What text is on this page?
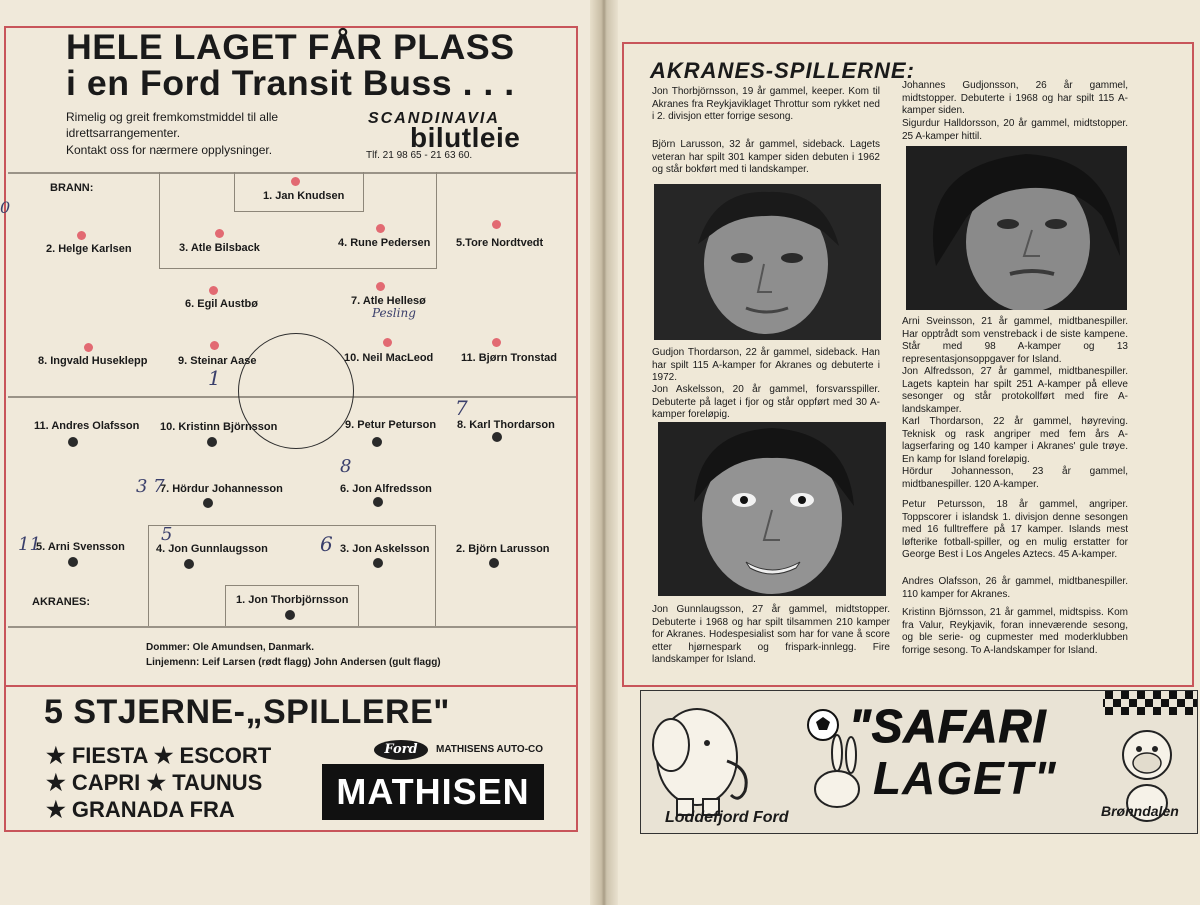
HELE LAGET FÅR PLASS
i en Ford Transit Buss . . .
Rimelig og greit fremkomstmiddel til alle
idrettsarrangementer.
Kontakt oss for nærmere opplysninger.
SCANDINAVIA
bilutleie
Tlf. 21 98 65 - 21 63 60.
BRANN:
AKRANES:
1. Jan Knudsen
2. Helge Karlsen	3. Atle Bilsback	4. Rune Pedersen 5.Tore Nordtvedt
6. Egil Austbø	7. Atle Hellesø
8. Ingvald Huseklepp	9. Steinar Aase	10. Neil MacLeod	11. Bjørn Tronstad
11. Andres Olafsson 10. Kristinn Björnsson	9. Petur Peturson 8. Karl Thordarson
7. Hördur Johannesson	6. Jon Alfredsson
5. Arni Svensson	4. Jon Gunnlaugsson	3. Jon Askelsson 2. Björn Larusson
1. Jon Thorbjörnsson
0
Pesling
1
7
8
3 7
11	5	6
Dommer: Ole Amundsen, Danmark.
Linjemenn: Leif Larsen (rødt flagg) John Andersen (gult flagg)
5 STJERNE-„SPILLERE"
★ FIESTA ★ ESCORT
★ CAPRI ★ TAUNUS
★ GRANADA FRA
Ford	MATHISENS AUTO-CO
MATHISEN
AKRANES-SPILLERNE:
Jon Thorbjörnsson, 19 år gammel, keeper. Kom til Akranes fra Reykjaviklaget Throttur som rykket ned i 2. divisjon etter forrige sesong.
Björn Larusson, 32 år gammel, sideback. Lagets veteran har spilt 301 kamper siden debuten i 1962 og står bokført med ti landskamper.
Gudjon Thordarson, 22 år gammel, sideback. Han har spilt 115 A-kamper for Akranes og debuterte i 1972.
Jon Askelsson, 20 år gammel, forsvarsspiller. Debuterte på laget i fjor og står oppført med 30 A-kamper foreløpig.
Jon Gunnlaugsson, 27 år gammel, midtstopper. Debuterte i 1968 og har spilt tilsammen 210 kamper for Akranes. Hodespesialist som har for vane å score etter hjørnespark og frispark-innlegg. Fire landskamper for Island.
Johannes Gudjonsson, 26 år gammel, midtstopper. Debuterte i 1968 og har spilt 115 A-kamper siden.
Sigurdur Halldorsson, 20 år gammel, midtstopper. 25 A-kamper hittil.
Arni Sveinsson, 21 år gammel, midtbanespiller. Har opptrådt som venstreback i de siste kampene. Står med 98 A-kamper og 13 representasjonsoppgaver for Island.
Jon Alfredsson, 27 år gammel, midtbanespiller. Lagets kaptein har spilt 251 A-kamper på elleve sesonger og står protokollført med fire A-landskamper.
Karl Thordarson, 22 år gammel, høyreving. Teknisk og rask angriper med fem års A-lagserfaring og 140 kamper i Akranes' gule trøye. En kamp for Island foreløpig.
Hördur Johannesson, 23 år gammel, midtbanespiller. 120 A-kamper.
Petur Petursson, 18 år gammel, angriper. Toppscorer i islandsk 1. divisjon denne sesongen med 16 fulltreffere på 17 kamper. Islands mest løfterike fotball-spiller, og en mulig erstatter for George Best i Los Angeles Aztecs. 45 A-kamper.
Andres Olafsson, 26 år gammel, midtbanespiller. 110 kamper for Akranes.
Kristinn Björnsson, 21 år gammel, midtspiss. Kom fra Valur, Reykjavik, foran inneværende sesong, og ble serie- og cupmester med moderklubben forrige sesong. To A-landskamper for Island.
"SAFARI
LAGET"
Loddefjord Ford	Brønndalen
